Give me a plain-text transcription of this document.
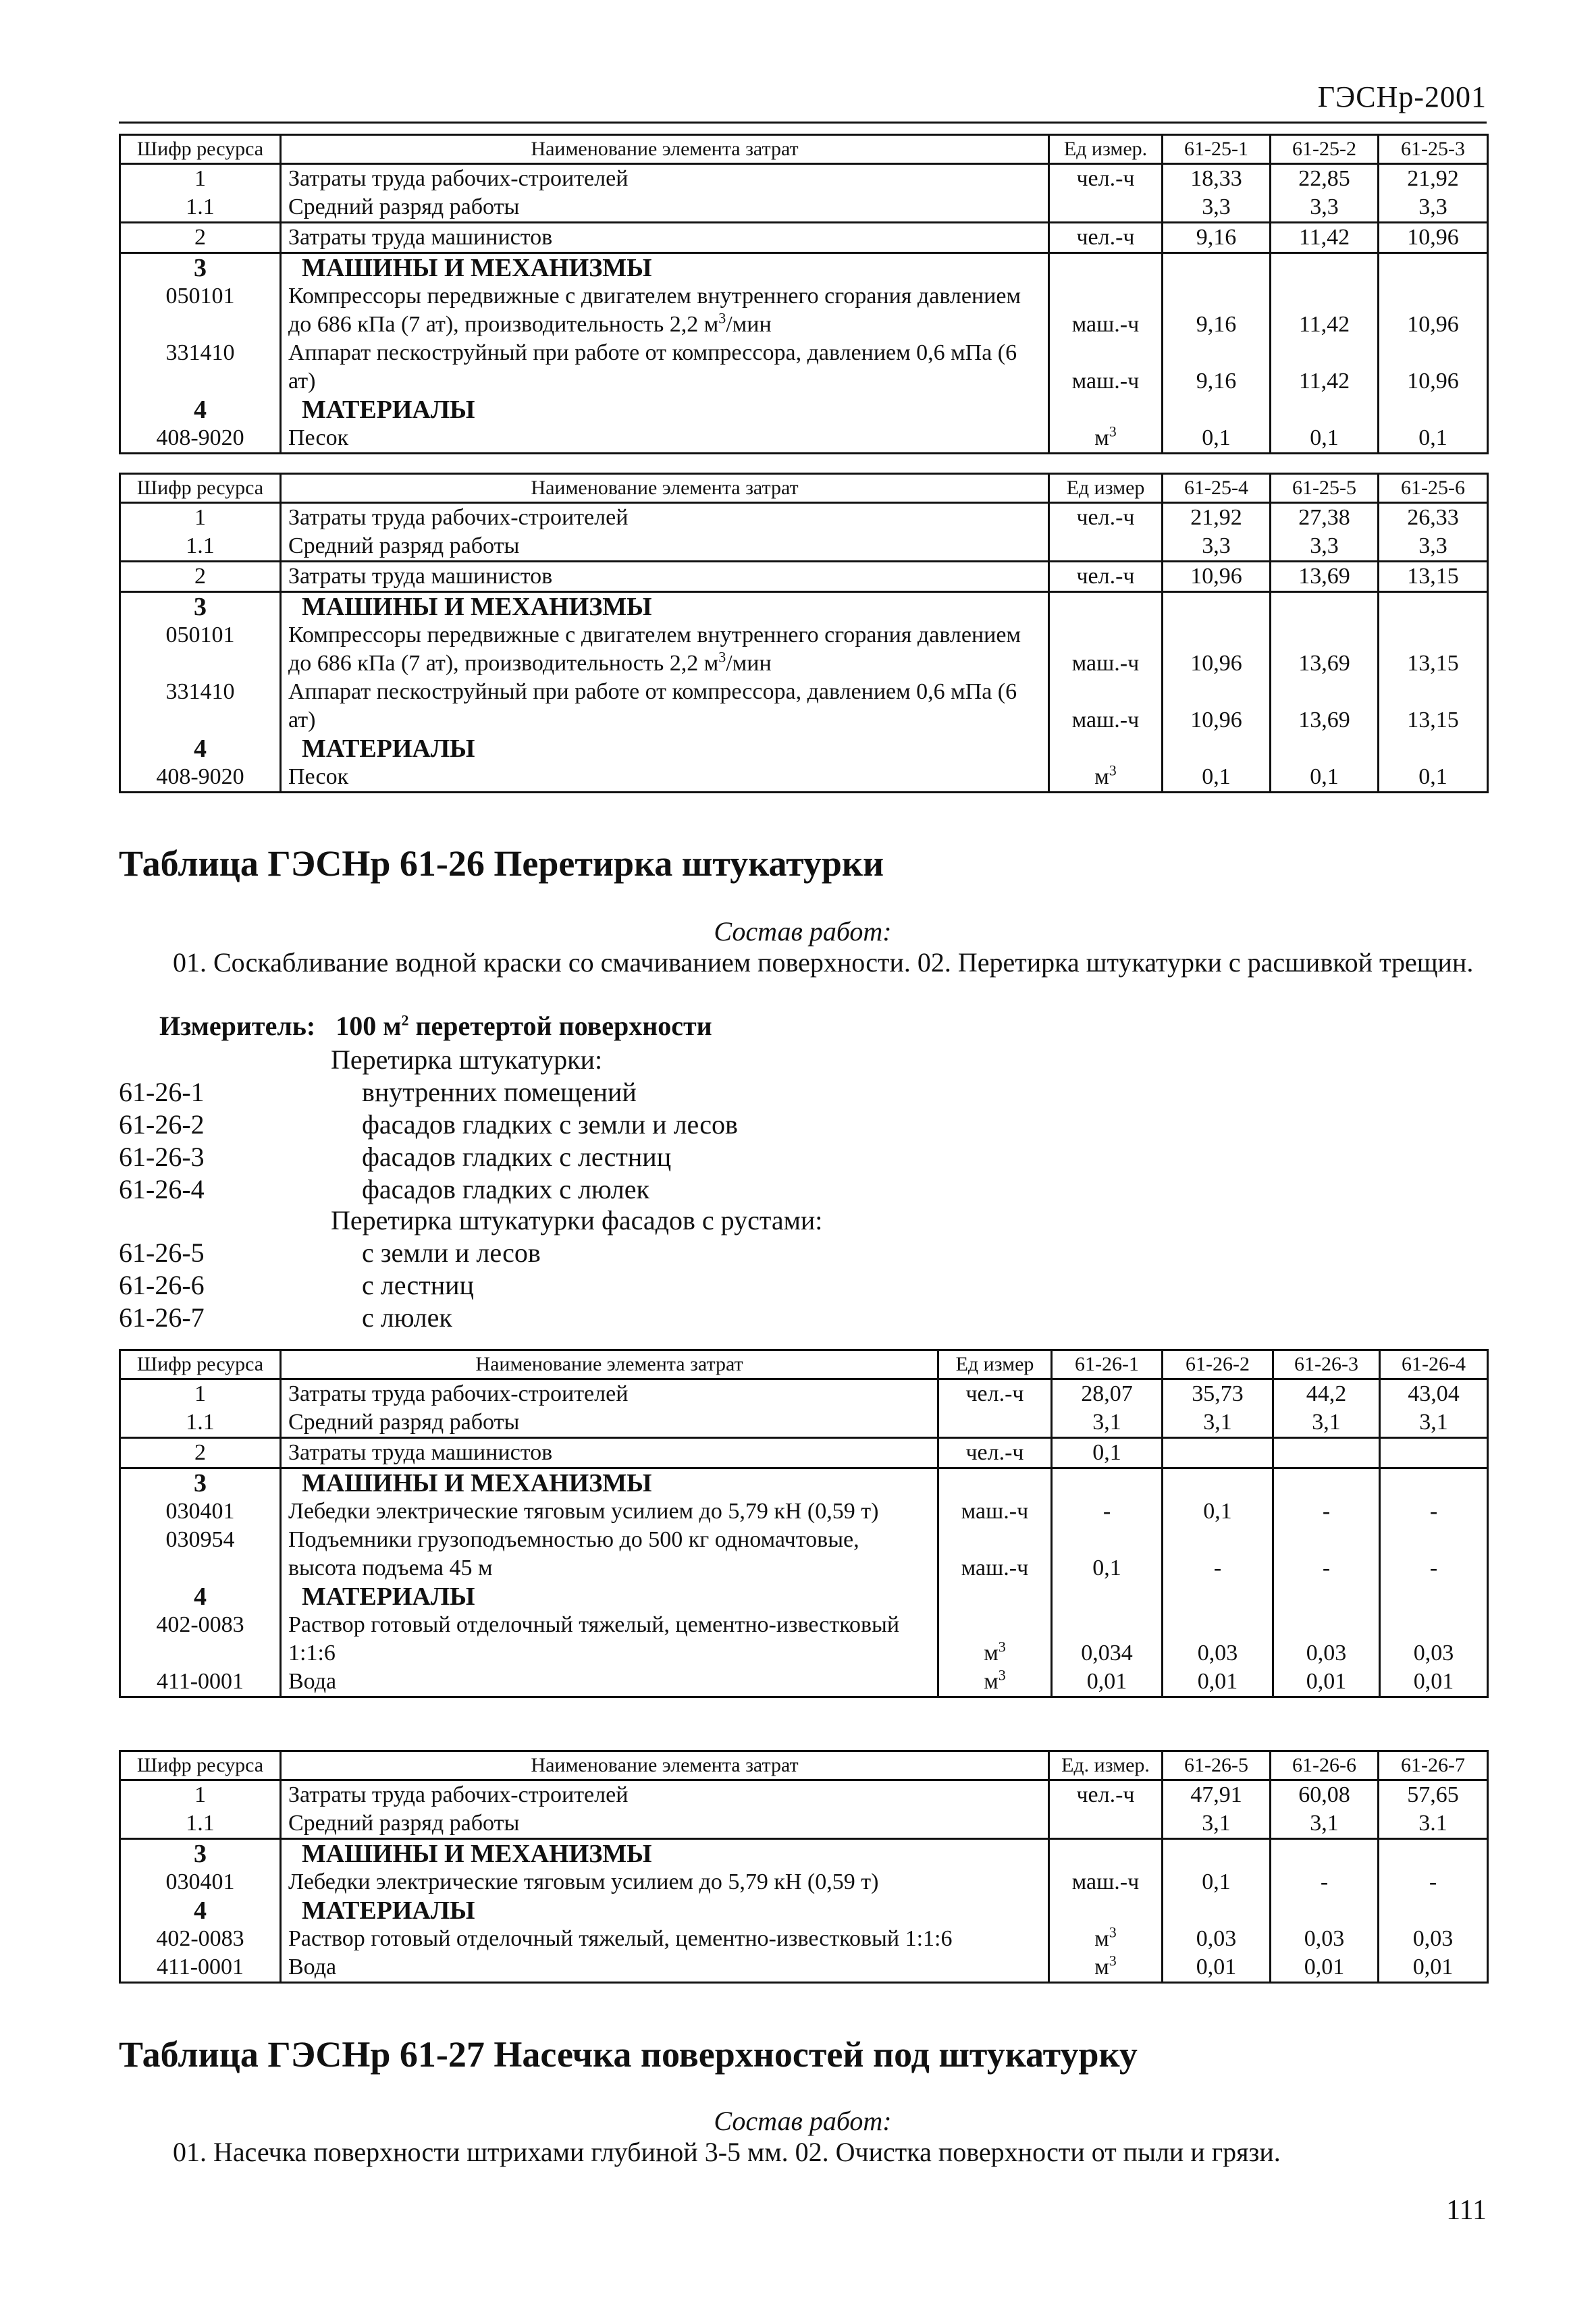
ГЭСНр-2001
Шифр ресурса	Наименование элемента затрат	Ед измер.	61-25-1	61-25-2	61-25-3
1	Затраты труда рабочих-строителей	чел.-ч	18,33	22,85	21,92
1.1	Средний разряд работы		3,3	3,3	3,3
2	Затраты труда машинистов	чел.-ч	9,16	11,42	10,96
3	МАШИНЫ И МЕХАНИЗМЫ				
050101	Компрессоры передвижные с двигателем внутреннего сгорания давлением до 686 кПа (7 ат), производительность 2,2 $м^3$/мин	маш.-ч	9,16	11,42	10,96
331410	Аппарат пескоструйный при работе от компрессора, давлением 0,6 мПа (6 ат)	маш.-ч	9,16	11,42	10,96
4	МАТЕРИАЛЫ				
408-9020	Песок	$м^3$	0,1	0,1	0,1
Шифр ресурса	Наименование элемента затрат	Ед измер	61-25-4	61-25-5	61-25-6
1	Затраты труда рабочих-строителей	чел.-ч	21,92	27,38	26,33
1.1	Средний разряд работы		3,3	3,3	3,3
2	Затраты труда машинистов	чел.-ч	10,96	13,69	13,15
3	МАШИНЫ И МЕХАНИЗМЫ				
050101	Компрессоры передвижные с двигателем внутреннего сгорания давлением до 686 кПа (7 ат), производительность 2,2 $м^3$/мин	маш.-ч	10,96	13,69	13,15
331410	Аппарат пескоструйный при работе от компрессора, давлением 0,6 мПа (6 ат)	маш.-ч	10,96	13,69	13,15
4	МАТЕРИАЛЫ				
408-9020	Песок	$м^3$	0,1	0,1	0,1
Таблица ГЭСНр 61-26 Перетирка штукатурки
Состав работ:
01. Соскабливание водной краски со смачиванием поверхности. 02. Перетирка штукатурки с расшивкой трещин.
Измеритель: 100 $м^2$ перетертой поверхности
Перетирка штукатурки:
61-26-1	внутренних помещений
61-26-2	фасадов гладких с земли и лесов
61-26-3	фасадов гладких с лестниц
61-26-4	фасадов гладких с люлек
Перетирка штукатурки фасадов с рустами:
61-26-5	с земли и лесов
61-26-6	с лестниц
61-26-7	с люлек
Шифр ресурса	Наименование элемента затрат	Ед измер	61-26-1	61-26-2	61-26-3	61-26-4
1	Затраты труда рабочих-строителей	чел.-ч	28,07	35,73	44,2	43,04
1.1	Средний разряд работы		3,1	3,1	3,1	3,1
2	Затраты труда машинистов	чел.-ч	0,1			
3	МАШИНЫ И МЕХАНИЗМЫ					
030401	Лебедки электрические тяговым усилием до 5,79 кН (0,59 т)	маш.-ч	-	0,1	-	-
030954	Подъемники грузоподъемностью до 500 кг одномачтовые, высота подъема 45 м	маш.-ч	0,1	-	-	-
4	МАТЕРИАЛЫ					
402-0083	Раствор готовый отделочный тяжелый, цементно-известковый 1:1:6	$м^3$	0,034	0,03	0,03	0,03
411-0001	Вода	$м^3$	0,01	0,01	0,01	0,01
Шифр ресурса	Наименование элемента затрат	Ед. измер.	61-26-5	61-26-6	61-26-7
1	Затраты труда рабочих-строителей	чел.-ч	47,91	60,08	57,65
1.1	Средний разряд работы		3,1	3,1	3.1
3	МАШИНЫ И МЕХАНИЗМЫ				
030401	Лебедки электрические тяговым усилием до 5,79 кН (0,59 т)	маш.-ч	0,1	-	-
4	МАТЕРИАЛЫ				
402-0083	Раствор готовый отделочный тяжелый, цементно-известковый 1:1:6	$м^3$	0,03	0,03	0,03
411-0001	Вода	$м^3$	0,01	0,01	0,01
Таблица ГЭСНр 61-27 Насечка поверхностей под штукатурку
Состав работ:
01. Насечка поверхности штрихами глубиной 3-5 мм. 02. Очистка поверхности от пыли и грязи.
111
